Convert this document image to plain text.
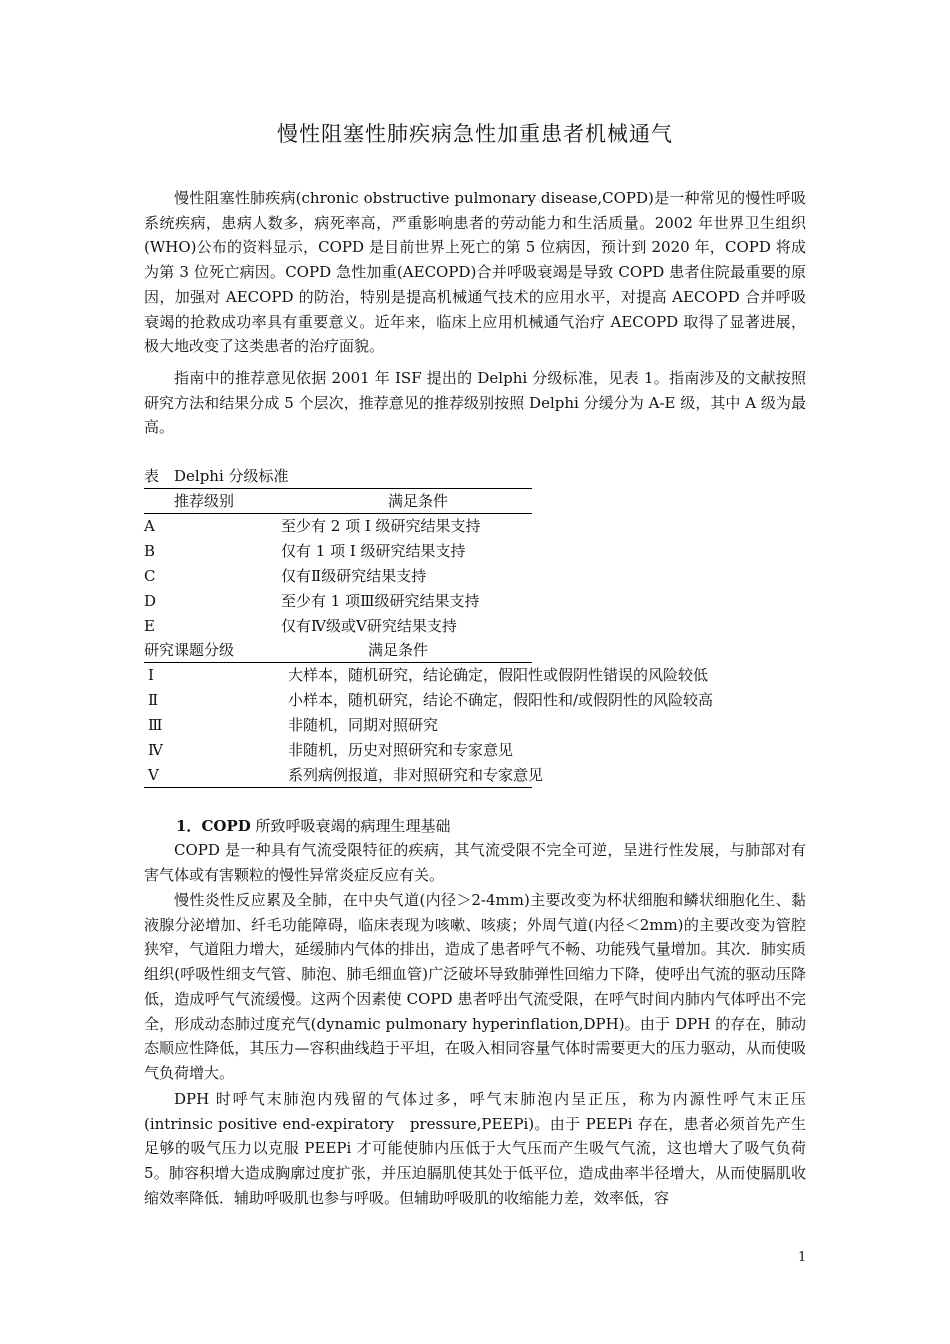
慢性阻塞性肺疾病急性加重患者机械通气

慢性阻塞性肺疾病(chronic obstructive pulmonary disease,COPD)是一种常见的慢性呼吸系统疾病，患病人数多，病死率高，严重影响患者的劳动能力和生活质量。2002 年世界卫生组织(WHO)公布的资料显示，COPD 是目前世界上死亡的第 5 位病因，预计到 2020 年，COPD 将成为第 3 位死亡病因。COPD 急性加重(AECOPD)合并呼吸衰竭是导致 COPD 患者住院最重要的原因，加强对 AECOPD 的防治，特别是提高机械通气技术的应用水平，对提高 AECOPD 合并呼吸衰竭的抢救成功率具有重要意义。近年来，临床上应用机械通气治疗 AECOPD 取得了显著进展，极大地改变了这类患者的治疗面貌。

指南中的推荐意见依据 2001 年 ISF 提出的 Delphi 分级标准，见表 1。指南涉及的文献按照研究方法和结果分成 5 个层次，推荐意见的推荐级别按照 Delphi 分缓分为 A-E 级，其中 A 级为最高。

表　Delphi 分级标准
推荐级别	满足条件
A	至少有 2 项 I 级研究结果支持
B	仅有 1 项 I 级研究结果支持
C	仅有Ⅱ级研究结果支持
D	至少有 1 项Ⅲ级研究结果支持
E	仅有Ⅳ级或Ⅴ研究结果支持
研究课题分级	满足条件
Ⅰ	大样本，随机研究，结论确定，假阳性或假阴性错误的风险较低
Ⅱ	小样本，随机研究，结论不确定，假阳性和/或假阴性的风险较高
Ⅲ	非随机，同期对照研究
Ⅳ	非随机，历史对照研究和专家意见
Ⅴ	系列病例报道，非对照研究和专家意见
1．COPD 所致呼吸衰竭的病理生理基础

COPD 是一种具有气流受限特征的疾病，其气流受限不完全可逆，呈进行性发展，与肺部对有害气体或有害颗粒的慢性异常炎症反应有关。

慢性炎性反应累及全肺，在中央气道(内径＞2-4mm)主要改变为杯状细胞和鳞状细胞化生、黏液腺分泌增加、纤毛功能障碍，临床表现为咳嗽、咳痰；外周气道(内径＜2mm)的主要改变为管腔狭窄，气道阻力增大，延缓肺内气体的排出，造成了患者呼气不畅、功能残气量增加。其次．肺实质组织(呼吸性细支气管、肺泡、肺毛细血管)广泛破坏导致肺弹性回缩力下降，使呼出气流的驱动压降低，造成呼气气流缓慢。这两个因素使 COPD 患者呼出气流受限，在呼气时间内肺内气体呼出不完全，形成动态肺过度充气(dynamic pulmonary hyperinflation,DPH)。由于 DPH 的存在，肺动态顺应性降低，其压力—容积曲线趋于平坦，在吸入相同容量气体时需要更大的压力驱动，从而使吸气负荷增大。

DPH 时呼气末肺泡内残留的气体过多，呼气末肺泡内呈正压，称为内源性呼气末正压(intrinsic positive end-expiratory　pressure,PEEPi)。由于 PEEPi 存在，患者必须首先产生足够的吸气压力以克服 PEEPi 才可能使肺内压低于大气压而产生吸气气流，这也增大了吸气负荷 5。肺容积增大造成胸廓过度扩张，并压迫膈肌使其处于低平位，造成曲率半径增大，从而使膈肌收缩效率降低．辅助呼吸肌也参与呼吸。但辅助呼吸肌的收缩能力差，效率低，容

1
